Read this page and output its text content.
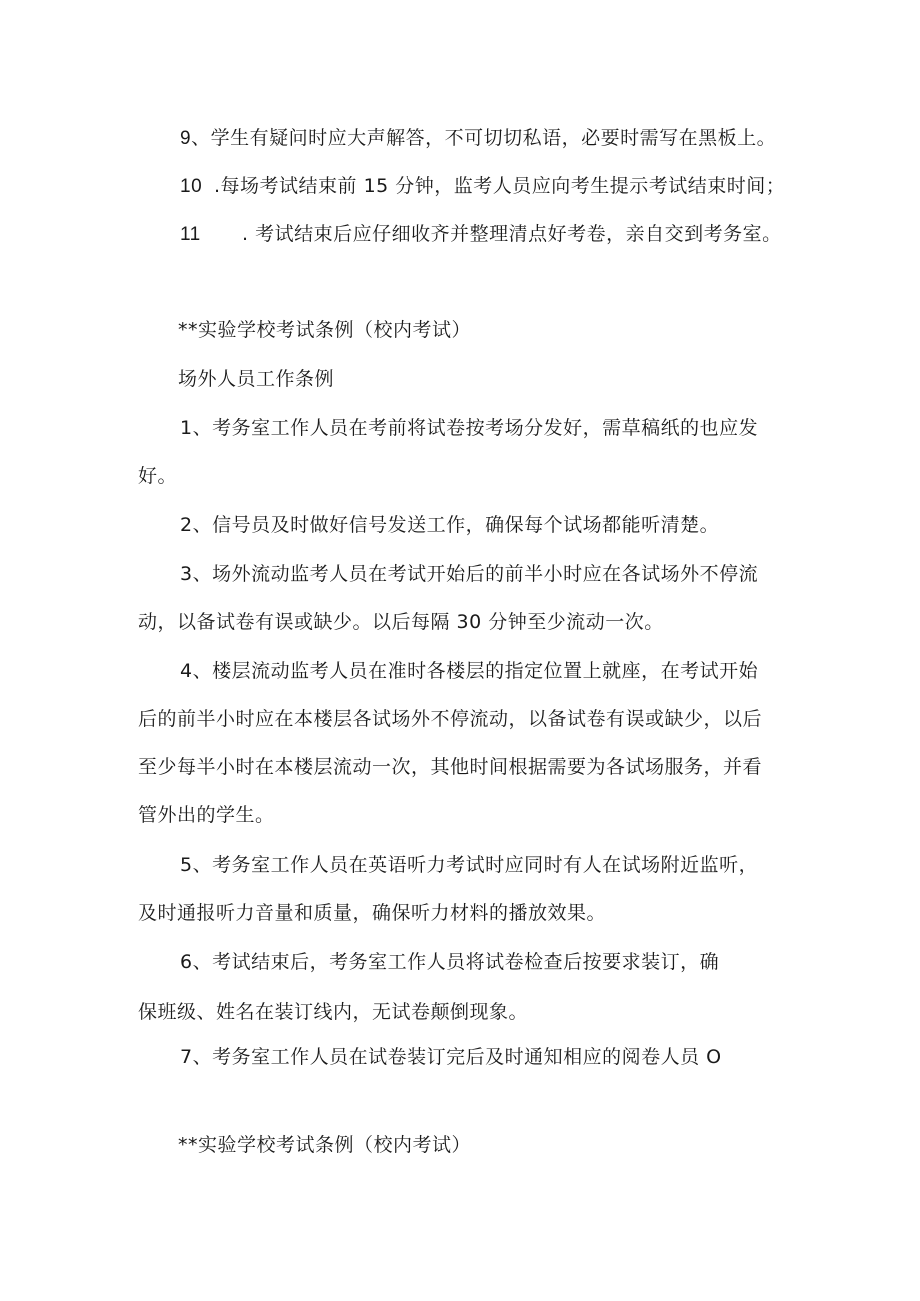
9、学生有疑问时应大声解答，不可切切私语，必要时需写在黑板上。
10 .每场考试结束前 15 分钟，监考人员应向考生提示考试结束时间；
11 . 考试结束后应仔细收齐并整理清点好考卷，亲自交到考务室。
**实验学校考试条例（校内考试）
场外人员工作条例
1、考务室工作人员在考前将试卷按考场分发好，需草稿纸的也应发
好。
2、信号员及时做好信号发送工作，确保每个试场都能听清楚。
3、场外流动监考人员在考试开始后的前半小时应在各试场外不停流
动，以备试卷有误或缺少。以后每隔 30 分钟至少流动一次。
4、楼层流动监考人员在准时各楼层的指定位置上就座，在考试开始
后的前半小时应在本楼层各试场外不停流动，以备试卷有误或缺少，以后
至少每半小时在本楼层流动一次，其他时间根据需要为各试场服务，并看
管外出的学生。
5、考务室工作人员在英语听力考试时应同时有人在试场附近监听，
及时通报听力音量和质量，确保听力材料的播放效果。
6、考试结束后，考务室工作人员将试卷检查后按要求装订，确
保班级、姓名在装订线内，无试卷颠倒现象。
7、考务室工作人员在试卷装订完后及时通知相应的阅卷人员 O
**实验学校考试条例（校内考试）
